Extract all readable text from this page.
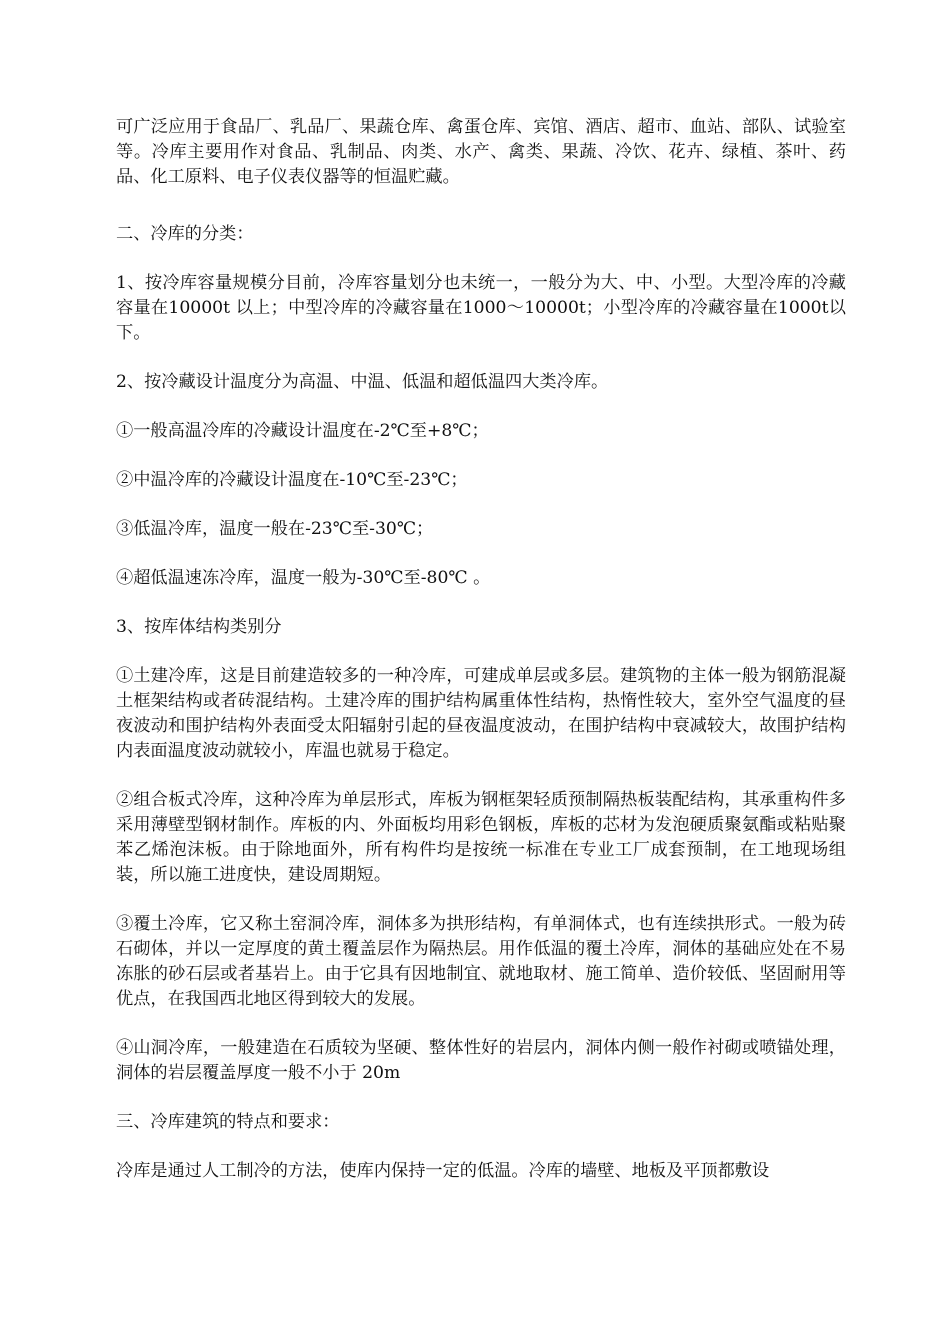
可广泛应用于食品厂、乳品厂、果蔬仓库、禽蛋仓库、宾馆、酒店、超市、血站、部队、试验室等。冷库主要用作对食品、乳制品、肉类、水产、禽类、果蔬、冷饮、花卉、绿植、茶叶、药品、化工原料、电子仪表仪器等的恒温贮藏。

二、冷库的分类：

1、按冷库容量规模分目前，冷库容量划分也未统一，一般分为大、中、小型。大型冷库的冷藏容量在10000t 以上；中型冷库的冷藏容量在1000～10000t；小型冷库的冷藏容量在1000t以下。

2、按冷藏设计温度分为高温、中温、低温和超低温四大类冷库。

①一般高温冷库的冷藏设计温度在-2℃至+8℃；

②中温冷库的冷藏设计温度在-10℃至-23℃；

③低温冷库，温度一般在-23℃至-30℃；

④超低温速冻冷库，温度一般为-30℃至-80℃ 。

3、按库体结构类别分

①土建冷库，这是目前建造较多的一种冷库，可建成单层或多层。建筑物的主体一般为钢筋混凝土框架结构或者砖混结构。土建冷库的围护结构属重体性结构，热惰性较大，室外空气温度的昼夜波动和围护结构外表面受太阳辐射引起的昼夜温度波动，在围护结构中衰减较大，故围护结构内表面温度波动就较小，库温也就易于稳定。

②组合板式冷库，这种冷库为单层形式，库板为钢框架轻质预制隔热板装配结构，其承重构件多采用薄壁型钢材制作。库板的内、外面板均用彩色钢板，库板的芯材为发泡硬质聚氨酯或粘贴聚苯乙烯泡沫板。由于除地面外，所有构件均是按统一标准在专业工厂成套预制，在工地现场组装，所以施工进度快，建设周期短。

③覆土冷库，它又称土窑洞冷库，洞体多为拱形结构，有单洞体式，也有连续拱形式。一般为砖石砌体，并以一定厚度的黄土覆盖层作为隔热层。用作低温的覆土冷库，洞体的基础应处在不易冻胀的砂石层或者基岩上。由于它具有因地制宜、就地取材、施工简单、造价较低、坚固耐用等优点，在我国西北地区得到较大的发展。

④山洞冷库，一般建造在石质较为坚硬、整体性好的岩层内，洞体内侧一般作衬砌或喷锚处理，洞体的岩层覆盖厚度一般不小于 20m

三、冷库建筑的特点和要求：

冷库是通过人工制冷的方法，使库内保持一定的低温。冷库的墙壁、地板及平顶都敷设
